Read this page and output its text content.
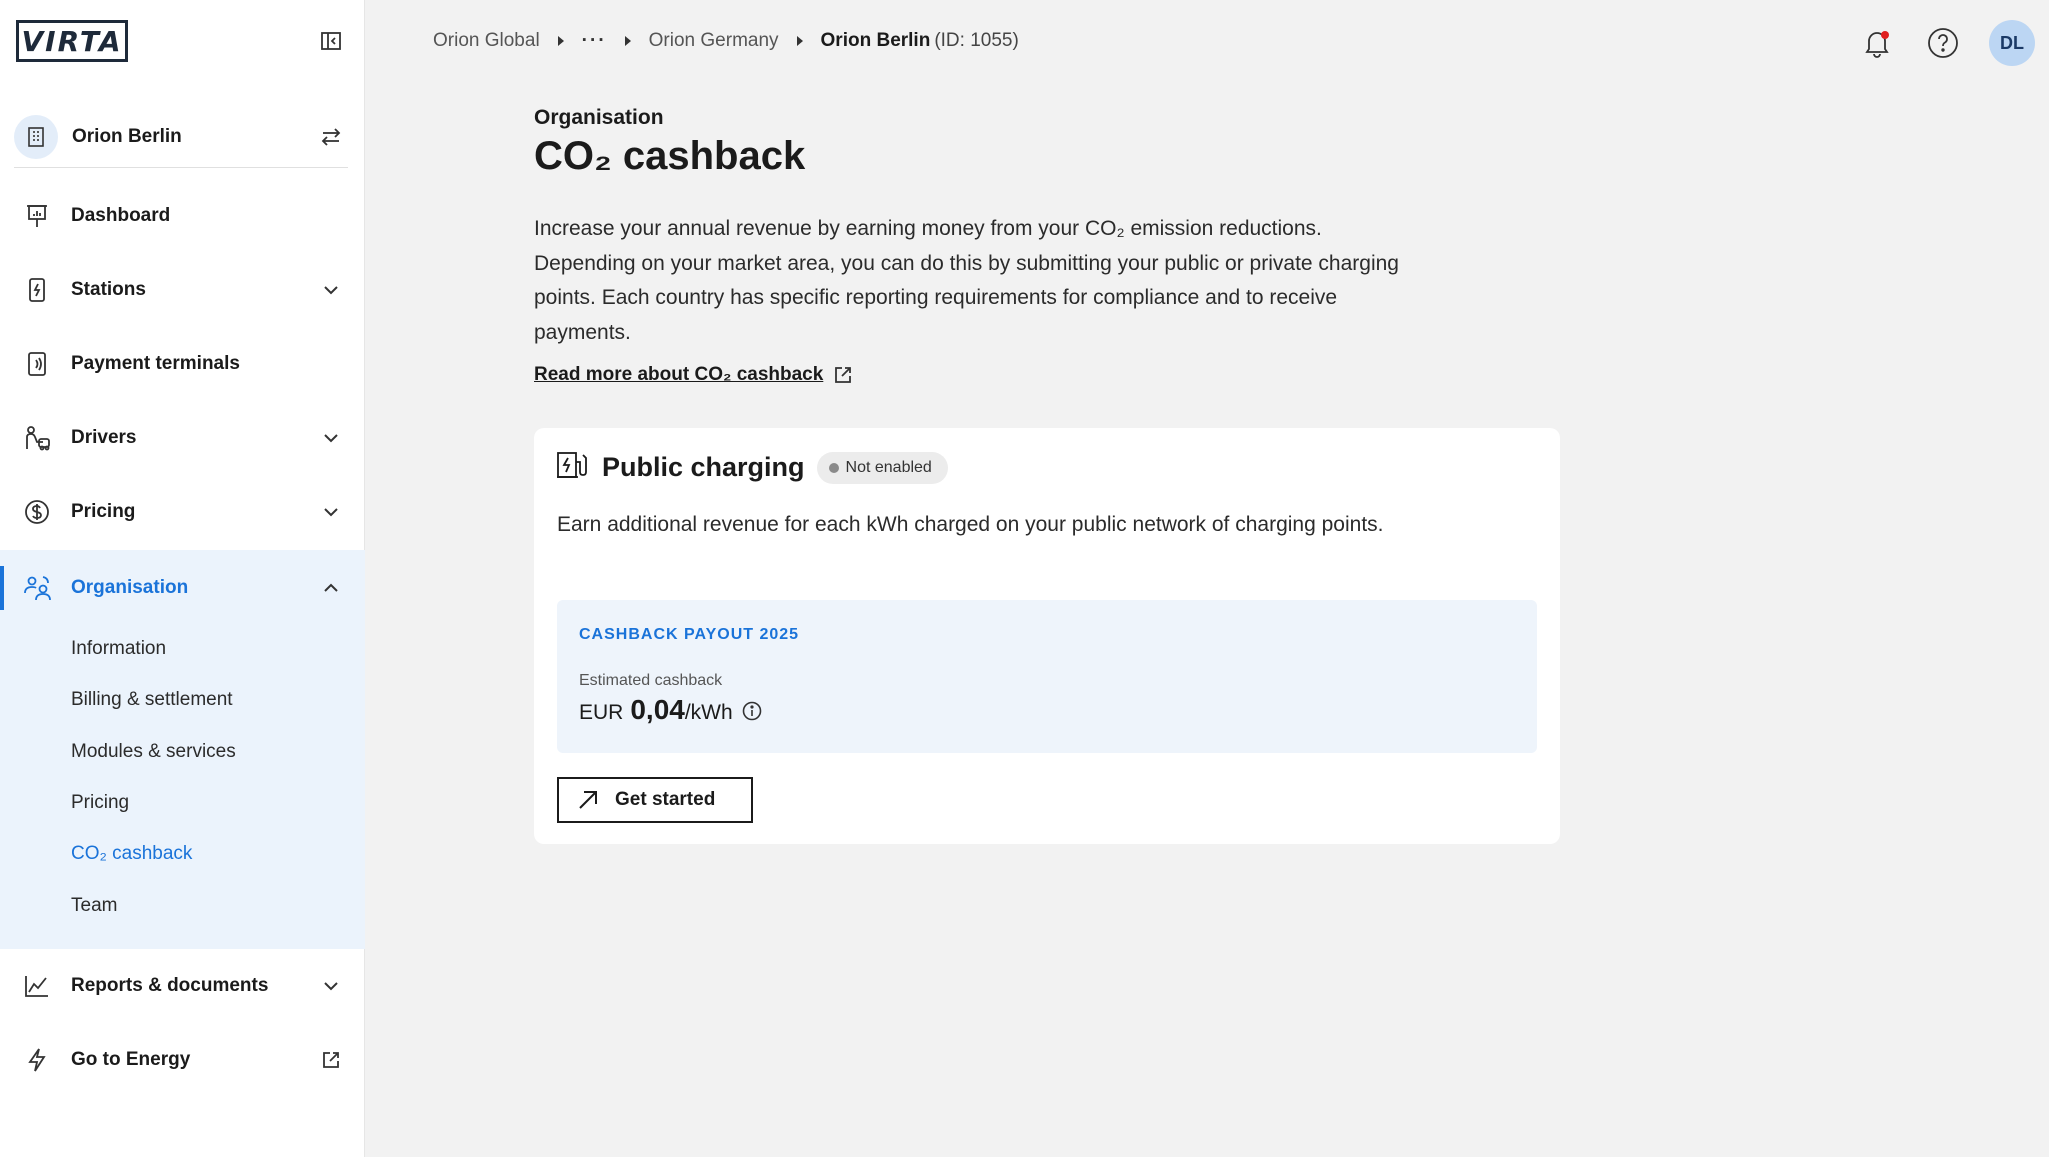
VIRTA
Orion Berlin
Dashboard
Stations
Payment terminals
Drivers
Pricing
Organisation
Information
Billing & settlement
Modules & services
Pricing
CO₂ cashback
Team
Reports & documents
Go to Energy
Orion Global ··· Orion Germany Orion Berlin (ID: 1055)	DL
Organisation
CO₂ cashback

Increase your annual revenue by earning money from your CO₂ emission reductions. Depending on your market area, you can do this by submitting your public or private charging points. Each country has specific reporting requirements for compliance and to receive payments.

Read more about CO₂ cashback
Public charging	Not enabled

Earn additional revenue for each kWh charged on your public network of charging points.

CASHBACK PAYOUT 2025
Estimated cashback
EUR 0,04 /kWh
Get started
